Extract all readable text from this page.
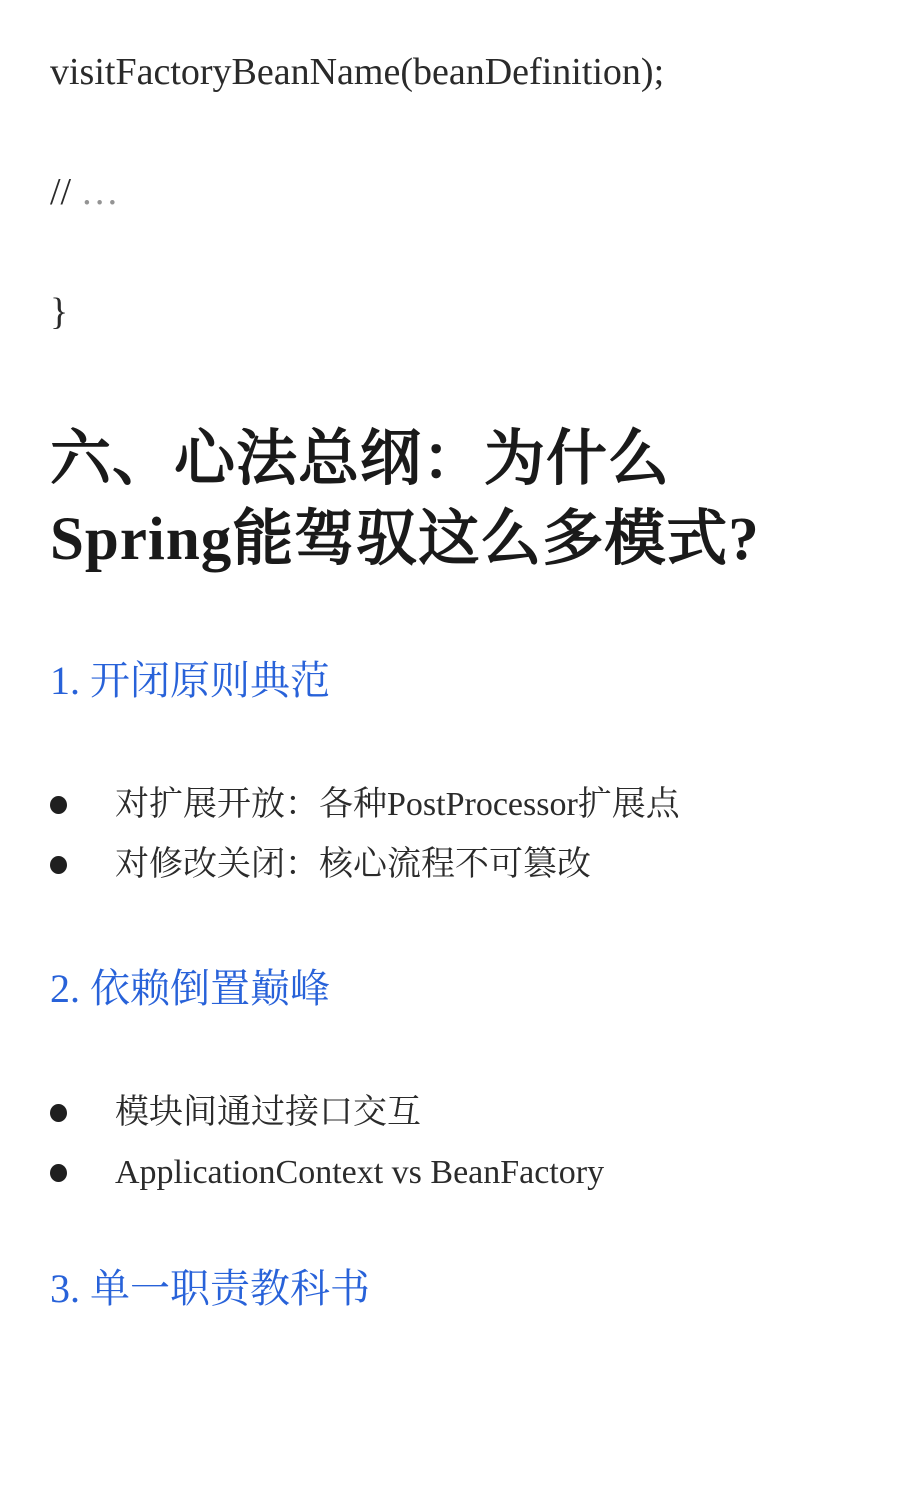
visitFactoryBeanName(beanDefinition);

// …

}

六、心法总纲：为什么
Spring能驾驭这么多模式?
1. 开闭原则典范
对扩展开放：各种PostProcessor扩展点
对修改关闭：核心流程不可篡改
2. 依赖倒置巅峰
模块间通过接口交互
ApplicationContext vs BeanFactory
3. 单一职责教科书
